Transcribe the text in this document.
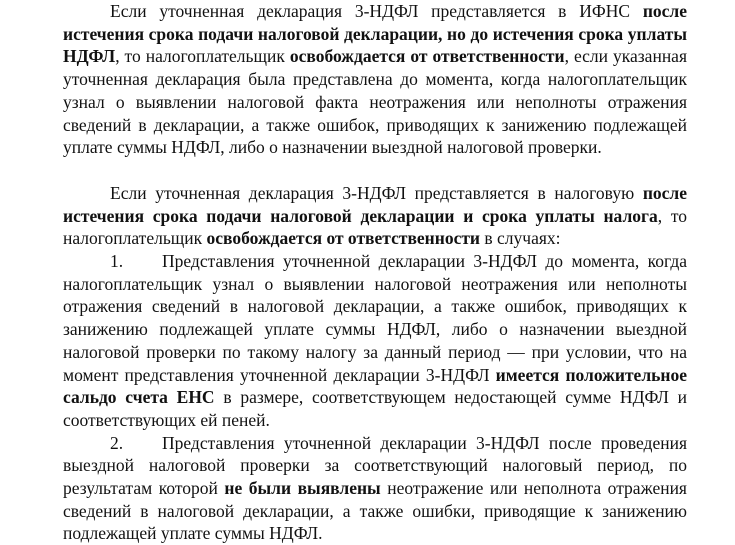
Если уточненная декларация 3-НДФЛ представляется в ИФНС после истечения срока подачи налоговой декларации, но до истечения срока уплаты НДФЛ, то налогоплательщик освобождается от ответственности, если указанная уточненная декларация была представлена до момента, когда налогоплательщик узнал о выявлении налоговой факта неотражения или неполноты отражения сведений в декларации, а также ошибок, приводящих к занижению подлежащей уплате суммы НДФЛ, либо о назначении выездной налоговой проверки.

Если уточненная декларация 3-НДФЛ представляется в налоговую после истечения срока подачи налоговой декларации и срока уплаты налога, то налогоплательщик освобождается от ответственности в случаях:

1. Представления уточненной декларации 3-НДФЛ до момента, когда налогоплательщик узнал о выявлении налоговой неотражения или неполноты отражения сведений в налоговой декларации, а также ошибок, приводящих к занижению подлежащей уплате суммы НДФЛ, либо о назначении выездной налоговой проверки по такому налогу за данный период — при условии, что на момент представления уточненной декларации 3-НДФЛ имеется положительное сальдо счета ЕНС в размере, соответствующем недостающей сумме НДФЛ и соответствующих ей пеней.

2. Представления уточненной декларации 3-НДФЛ после проведения выездной налоговой проверки за соответствующий налоговый период, по результатам которой не были выявлены неотражение или неполнота отражения сведений в налоговой декларации, а также ошибки, приводящие к занижению подлежащей уплате суммы НДФЛ.
